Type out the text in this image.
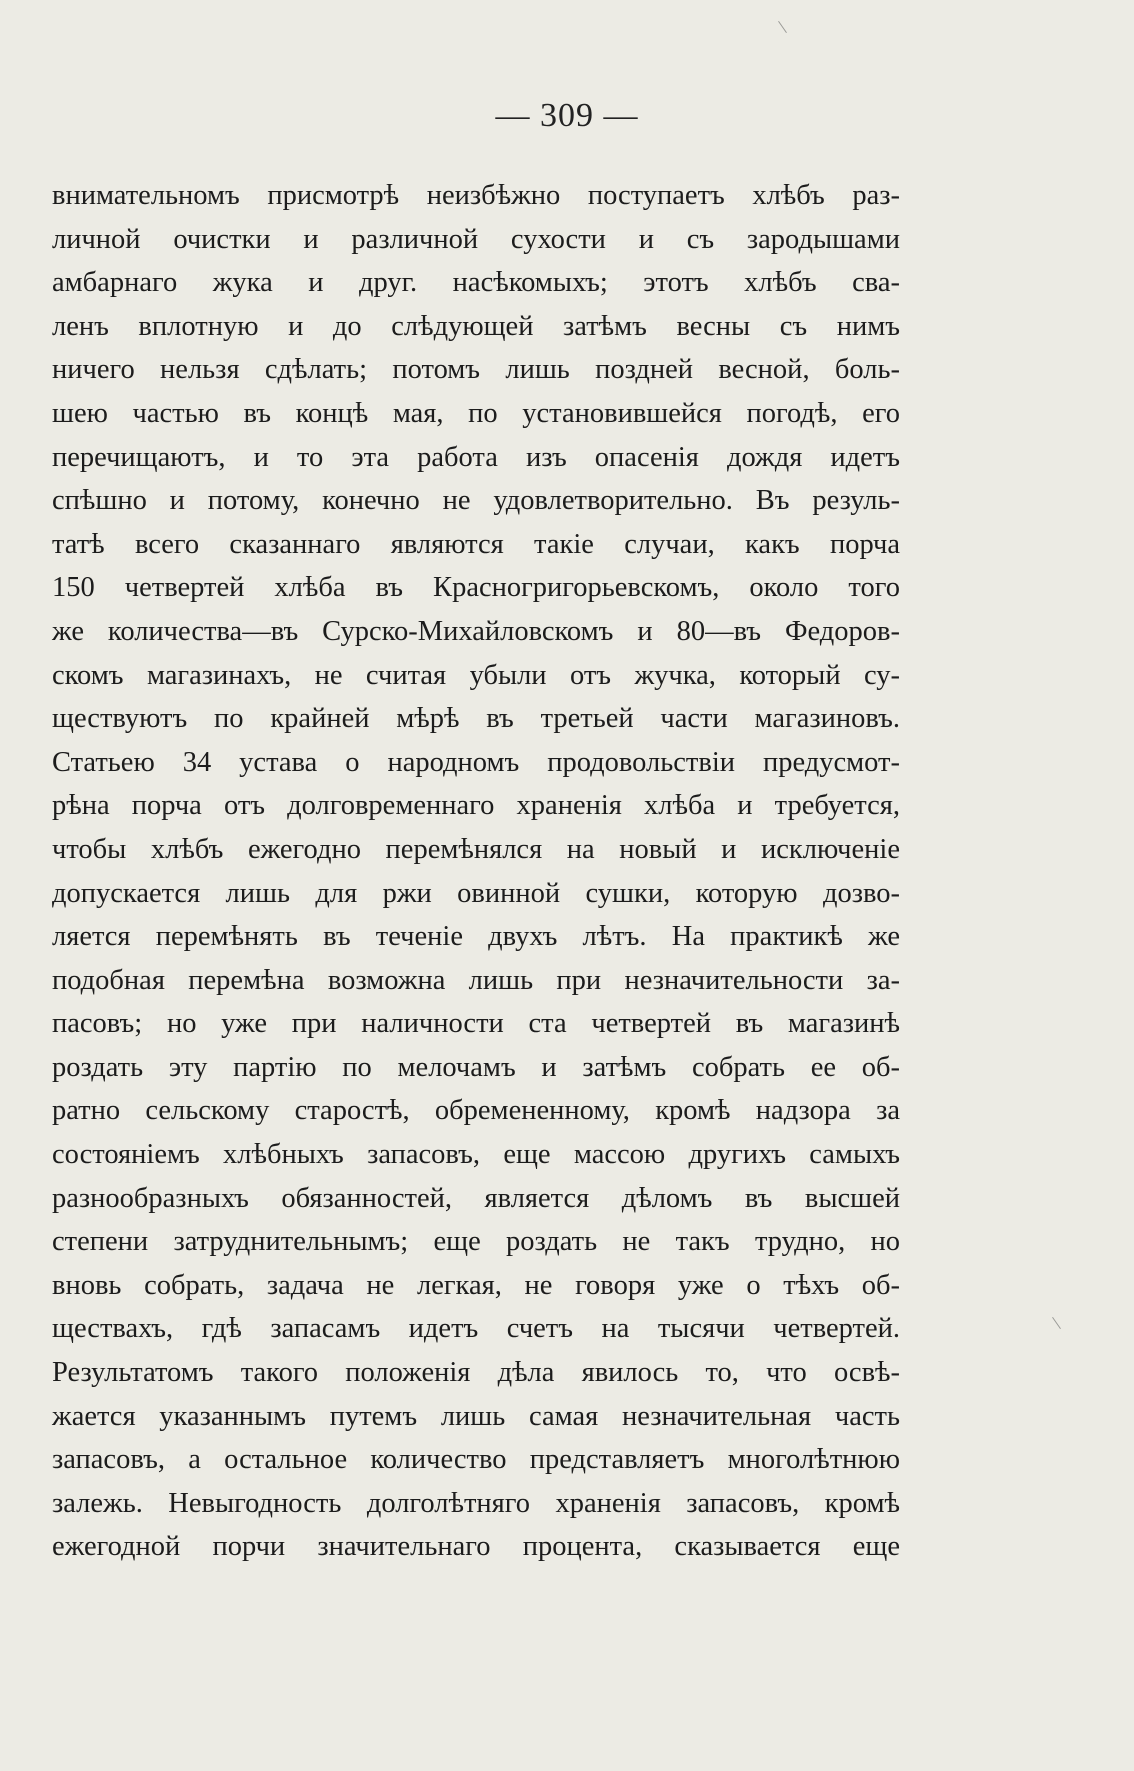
— 309 —
внимательномъ присмотрѣ неизбѣжно поступаетъ хлѣбъ раз-
личной очистки и различной сухости и съ зародышами
амбарнаго жука и друг. насѣкомыхъ; этотъ хлѣбъ сва-
ленъ вплотную и до слѣдующей затѣмъ весны съ нимъ
ничего нельзя сдѣлать; потомъ лишь поздней весной, боль-
шею частью въ концѣ мая, по установившейся погодѣ, его
перечищаютъ, и то эта работа изъ опасенія дождя идетъ
спѣшно и потому, конечно не удовлетворительно. Въ резуль-
татѣ всего сказаннаго являются такіе случаи, какъ порча
150 четвертей хлѣба въ Красногригорьевскомъ, около того
же количества—въ Сурско-Михайловскомъ и 80—въ Федоров-
скомъ магазинахъ, не считая убыли отъ жучка, который су-
ществуютъ по крайней мѣрѣ въ третьей части магазиновъ.
Статьею 34 устава о народномъ продовольствіи предусмот-
рѣна порча отъ долговременнаго храненія хлѣба и требуется,
чтобы хлѣбъ ежегодно перемѣнялся на новый и исключеніе
допускается лишь для ржи овинной сушки, которую дозво-
ляется перемѣнять въ теченіе двухъ лѣтъ. На практикѣ же
подобная перемѣна возможна лишь при незначительности за-
пасовъ; но уже при наличности ста четвертей въ магазинѣ
роздать эту партію по мелочамъ и затѣмъ собрать ее об-
ратно сельскому старостѣ, обремененному, кромѣ надзора за
состояніемъ хлѣбныхъ запасовъ, еще массою другихъ самыхъ
разнообразныхъ обязанностей, является дѣломъ въ высшей
степени затруднительнымъ; еще роздать не такъ трудно, но
вновь собрать, задача не легкая, не говоря уже о тѣхъ об-
ществахъ, гдѣ запасамъ идетъ счетъ на тысячи четвертей.
Результатомъ такого положенія дѣла явилось то, что освѣ-
жается указаннымъ путемъ лишь самая незначительная часть
запасовъ, а остальное количество представляетъ многолѣтнюю
залежь. Невыгодность долголѣтняго храненія запасовъ, кромѣ
ежегодной порчи значительнаго процента, сказывается еще
